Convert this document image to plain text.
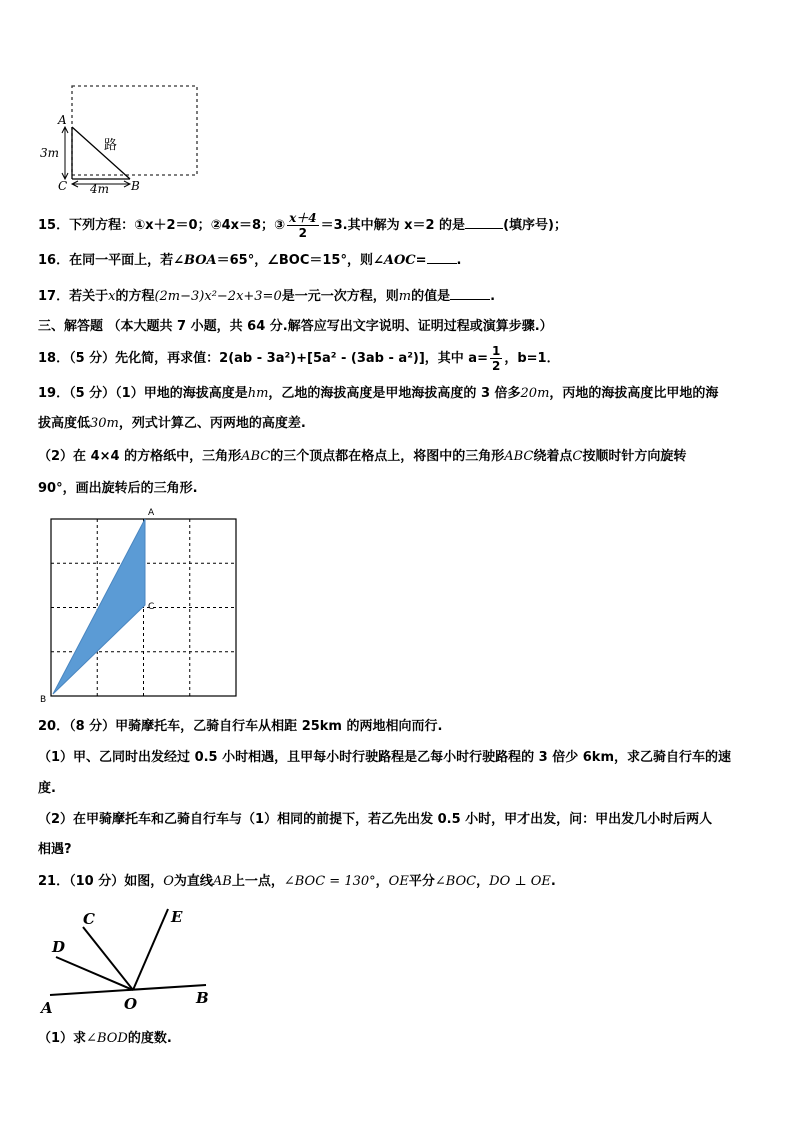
A
C	B
3m
4m
路
15．下列方程：①x＋2＝0；②4x＝8；③ $\frac{x+4}{2} =3$.其中解为 x＝2 的是	(填序号)；
16．在同一平面上，若∠BOA＝65°，∠BOC＝15°，则∠AOC= .
17．若关于x的方程(2m−3)x²−2x+3=0是一元一次方程，则m的值是	.
三、解答题 （本大题共 7 小题，共 64 分.解答应写出文字说明、证明过程或演算步骤.）
18．（5 分）先化简，再求值：2(ab - 3a²)+[5a² - (3ab - a²)]，其中 $a= \frac{1}{2}$ ，b=1．
19．（5 分）（1）甲地的海拔高度是hm，乙地的海拔高度是甲地海拔高度的 3 倍多20m，丙地的海拔高度比甲地的海
拔高度低30m，列式计算乙、丙两地的高度差.
（2）在 4×4 的方格纸中，三角形ABC的三个顶点都在格点上，将图中的三角形ABC绕着点C按顺时针方向旋转
90°，画出旋转后的三角形.
A
C
B
20．（8 分）甲骑摩托车，乙骑自行车从相距 25km 的两地相向而行.
（1）甲、乙同时出发经过 0.5 小时相遇，且甲每小时行驶路程是乙每小时行驶路程的 3 倍少 6km，求乙骑自行车的速
度.
（2）在甲骑摩托车和乙骑自行车与（1）相同的前提下，若乙先出发 0.5 小时，甲才出发，问：甲出发几小时后两人
相遇?
21．（10 分）如图，O为直线AB上一点，∠BOC = 130°，OE平分∠BOC，DO ⊥ OE.
A
B
C
D
E
O
（1）求∠BOD的度数.
